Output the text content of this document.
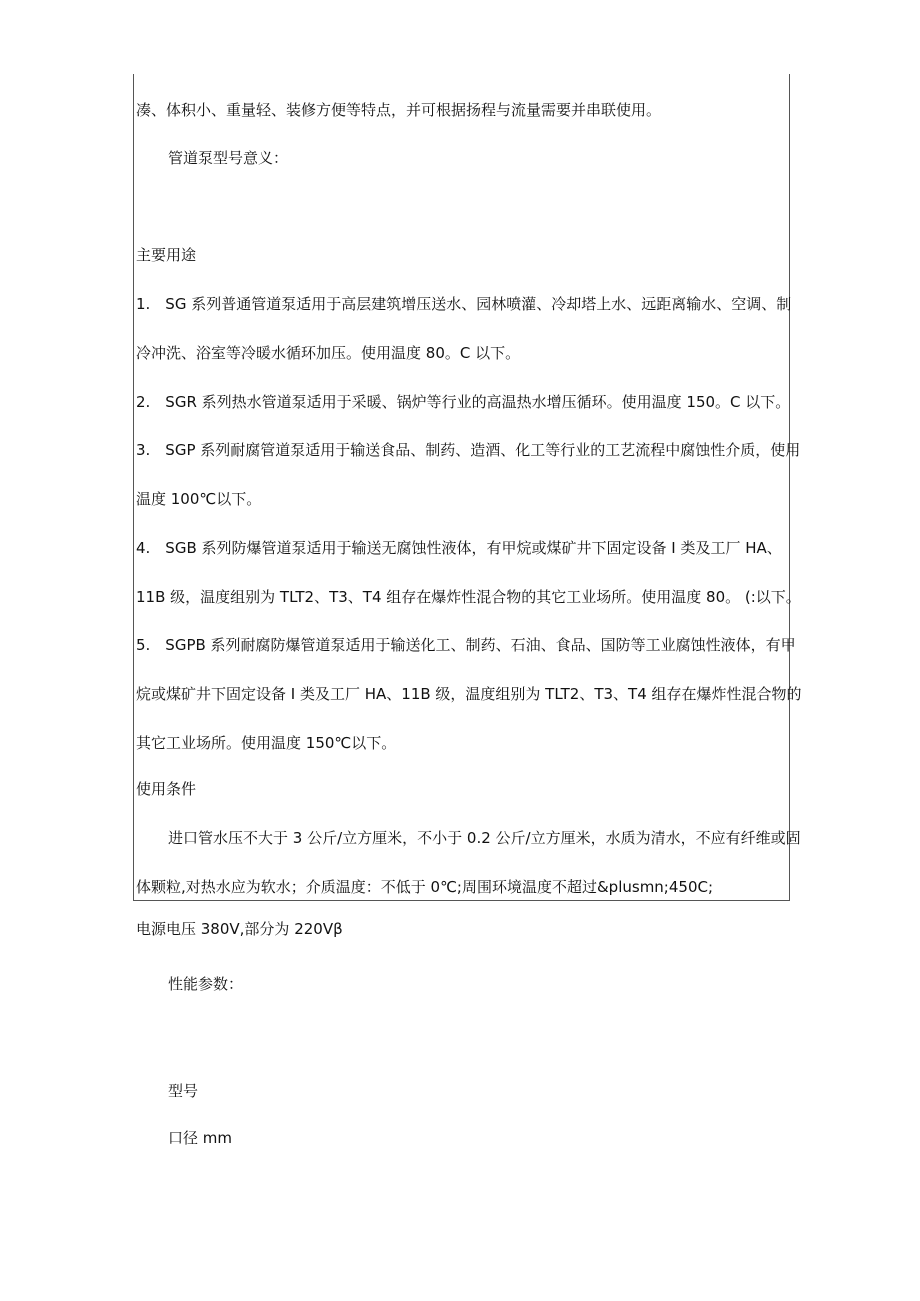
凑、体积小、重量轻、装修方便等特点，并可根据扬程与流量需要并串联使用。
管道泵型号意义：
主要用途
1.　SG 系列普通管道泵适用于高层建筑增压送水、园林喷灌、冷却塔上水、远距离输水、空调、制
冷冲洗、浴室等冷暖水循环加压。使用温度 80。C 以下。
2.　SGR 系列热水管道泵适用于采暖、锅炉等行业的高温热水增压循环。使用温度 150。C 以下。
3.　SGP 系列耐腐管道泵适用于输送食品、制药、造酒、化工等行业的工艺流程中腐蚀性介质，使用
温度 100℃以下。
4.　SGB 系列防爆管道泵适用于输送无腐蚀性液体，有甲烷或煤矿井下固定设备 I 类及工厂 HA、
11B 级，温度组别为 TLT2、T3、T4 组存在爆炸性混合物的其它工业场所。使用温度 80。 (:以下。
5.　SGPB 系列耐腐防爆管道泵适用于输送化工、制药、石油、食品、国防等工业腐蚀性液体，有甲
烷或煤矿井下固定设备 I 类及工厂 HA、11B 级，温度组别为 TLT2、T3、T4 组存在爆炸性混合物的
其它工业场所。使用温度 150℃以下。
使用条件
进口管水压不大于 3 公斤/立方厘米，不小于 0.2 公斤/立方厘米，水质为清水，不应有纤维或固
体颗粒,对热水应为软水；介质温度：不低于 0℃;周围环境温度不超过&plusmn;450C;
电源电压 380V,部分为 220Vβ
性能参数：
型号
口径 mm
